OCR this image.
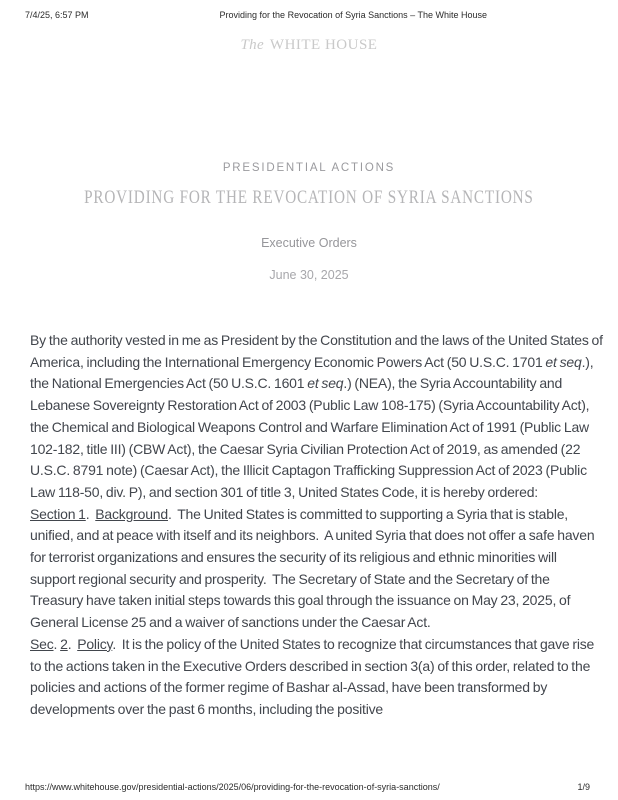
7/4/25, 6:57 PM	Providing for the Revocation of Syria Sanctions – The White House
The WHITE HOUSE
PRESIDENTIAL ACTIONS
PROVIDING FOR THE REVOCATION OF SYRIA SANCTIONS
Executive Orders
June 30, 2025

By the authority vested in me as President by the Constitution and the laws of the United States of America, including the International Emergency Economic Powers Act (50 U.S.C. 1701 et seq.), the National Emergencies Act (50 U.S.C. 1601 et seq.) (NEA), the Syria Accountability and Lebanese Sovereignty Restoration Act of 2003 (Public Law 108-175) (Syria Accountability Act), the Chemical and Biological Weapons Control and Warfare Elimination Act of 1991 (Public Law 102-182, title III) (CBW Act), the Caesar Syria Civilian Protection Act of 2019, as amended (22 U.S.C. 8791 note) (Caesar Act), the Illicit Captagon Trafficking Suppression Act of 2023 (Public Law 118-50, div. P), and section 301 of title 3, United States Code, it is hereby ordered:

Section 1.  Background.  The United States is committed to supporting a Syria that is stable, unified, and at peace with itself and its neighbors.  A united Syria that does not offer a safe haven for terrorist organizations and ensures the security of its religious and ethnic minorities will support regional security and prosperity.  The Secretary of State and the Secretary of the Treasury have taken initial steps towards this goal through the issuance on May 23, 2025, of General License 25 and a waiver of sanctions under the Caesar Act.

Sec. 2.  Policy.  It is the policy of the United States to recognize that circumstances that gave rise to the actions taken in the Executive Orders described in section 3(a) of this order, related to the policies and actions of the former regime of Bashar al-Assad, have been transformed by developments over the past 6 months, including the positive

https://www.whitehouse.gov/presidential-actions/2025/06/providing-for-the-revocation-of-syria-sanctions/	1/9
